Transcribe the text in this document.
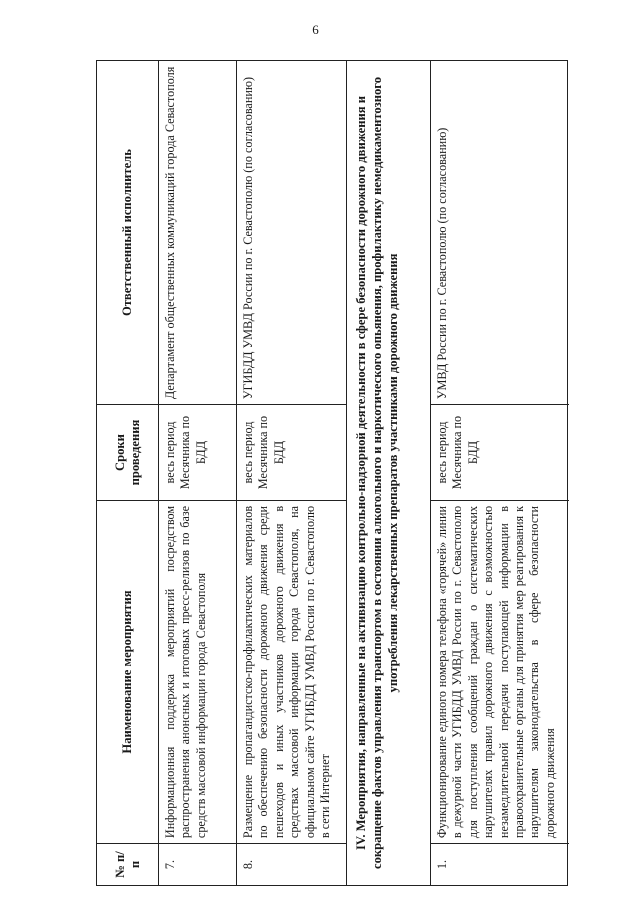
6
№ п/п
Наименование мероприятия
Сроки проведения
Ответственный исполнитель
7.
Информационная поддержка мероприятий посредством распространения анонсных и итоговых пресс-релизов по базе средств массовой информации города Севастополя
весь период Месячника по БДД
Департамент общественных коммуникаций города Севастополя
8.
Размещение пропагандистско-профилактических материалов по обеспечению безопасности дорожного движения среди пешеходов и иных участников дорожного движения в средствах массовой информации города Севастополя, на официальном сайте УГИБДД УМВД России по г. Севастополю в сети Интернет
весь период Месячника по БДД
УГИБДД УМВД России по г. Севастополю (по согласованию)	IV. Мероприятия, направленные на активизацию контрольно-надзорной деятельности в сфере безопасности дорожного движения и сокращение фактов управления транспортом в состоянии алкогольного и наркотического опьянения, профилактику немедикаментозного употребления лекарственных препаратов участниками дорожного движения
1.
Функционирование единого номера телефона «горячей» линии в дежурной части УГИБДД УМВД России по г. Севастополю для поступления сообщений граждан о систематических нарушителях правил дорожного движения с возможностью незамедлительной передачи поступающей информации в правоохранительные органы для принятия мер реагирования к нарушителям законодательства в сфере безопасности дорожного движения
весь период Месячника по БДД
УМВД России по г. Севастополю (по согласованию)
